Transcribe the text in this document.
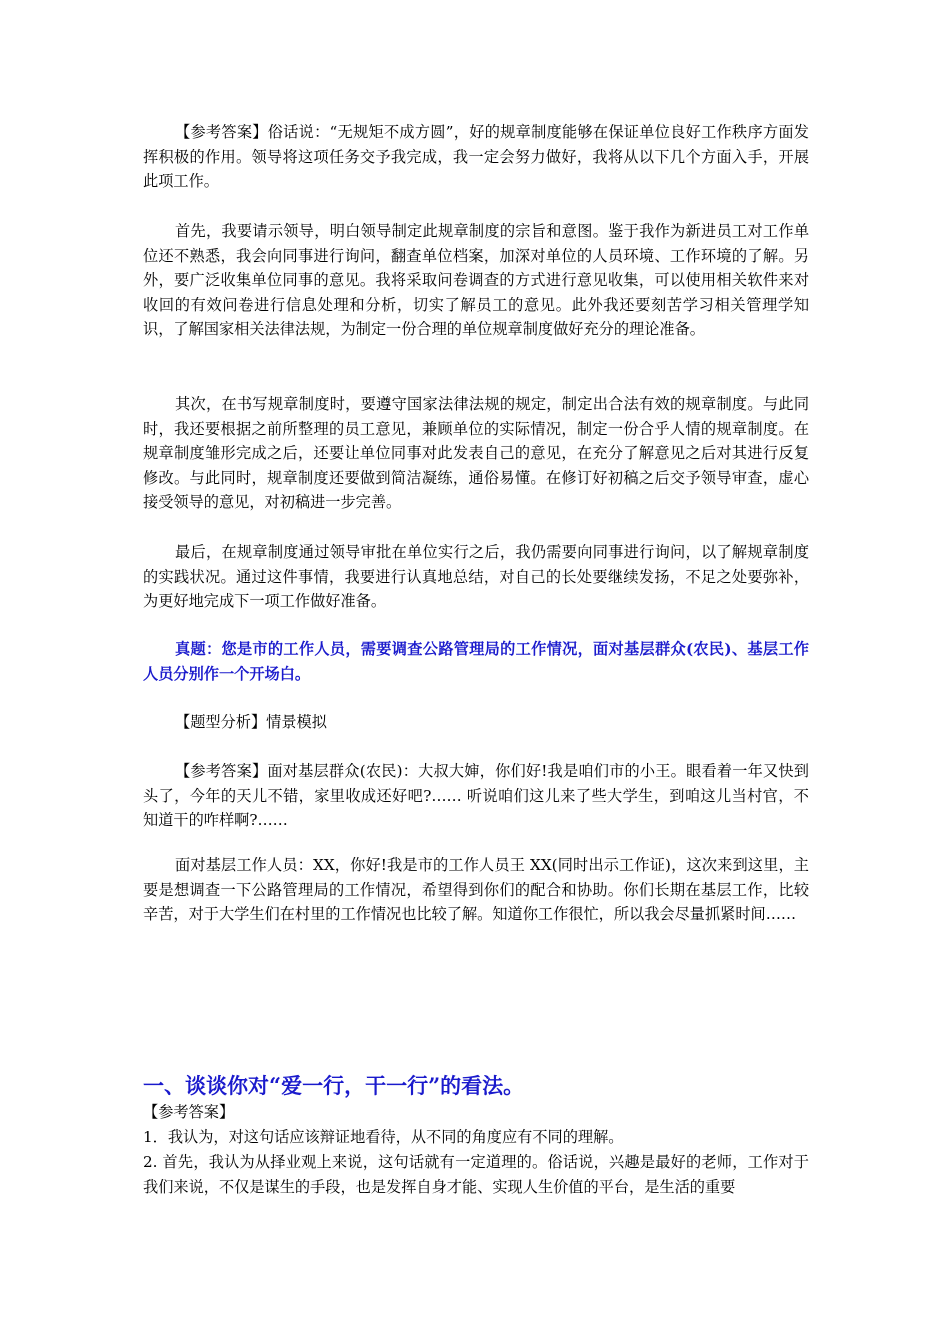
【参考答案】俗话说：“无规矩不成方圆”，好的规章制度能够在保证单位良好工作秩序方面发挥积极的作用。领导将这项任务交予我完成，我一定会努力做好，我将从以下几个方面入手，开展此项工作。

首先，我要请示领导，明白领导制定此规章制度的宗旨和意图。鉴于我作为新进员工对工作单位还不熟悉，我会向同事进行询问，翻查单位档案，加深对单位的人员环境、工作环境的了解。另外，要广泛收集单位同事的意见。我将采取问卷调查的方式进行意见收集，可以使用相关软件来对收回的有效问卷进行信息处理和分析，切实了解员工的意见。此外我还要刻苦学习相关管理学知识，了解国家相关法律法规，为制定一份合理的单位规章制度做好充分的理论准备。

其次，在书写规章制度时，要遵守国家法律法规的规定，制定出合法有效的规章制度。与此同时，我还要根据之前所整理的员工意见，兼顾单位的实际情况，制定一份合乎人情的规章制度。在规章制度雏形完成之后，还要让单位同事对此发表自己的意见，在充分了解意见之后对其进行反复修改。与此同时，规章制度还要做到简洁凝练，通俗易懂。在修订好初稿之后交予领导审查，虚心接受领导的意见，对初稿进一步完善。

最后，在规章制度通过领导审批在单位实行之后，我仍需要向同事进行询问，以了解规章制度的实践状况。通过这件事情，我要进行认真地总结，对自己的长处要继续发扬，不足之处要弥补，为更好地完成下一项工作做好准备。

真题：您是市的工作人员，需要调查公路管理局的工作情况，面对基层群众(农民)、基层工作人员分别作一个开场白。

【题型分析】情景模拟

【参考答案】面对基层群众(农民)：大叔大婶，你们好!我是咱们市的小王。眼看着一年又快到头了，今年的天儿不错，家里收成还好吧?…… 听说咱们这儿来了些大学生，到咱这儿当村官，不知道干的咋样啊?……

面对基层工作人员：XX，你好!我是市的工作人员王 XX(同时出示工作证)，这次来到这里，主要是想调查一下公路管理局的工作情况，希望得到你们的配合和协助。你们长期在基层工作，比较辛苦，对于大学生们在村里的工作情况也比较了解。知道你工作很忙，所以我会尽量抓紧时间……

一、谈谈你对“爱一行，干一行”的看法。

【参考答案】

1．我认为，对这句话应该辩证地看待，从不同的角度应有不同的理解。

2. 首先，我认为从择业观上来说，这句话就有一定道理的。俗话说，兴趣是最好的老师，工作对于我们来说，不仅是谋生的手段，也是发挥自身才能、实现人生价值的平台，是生活的重要
